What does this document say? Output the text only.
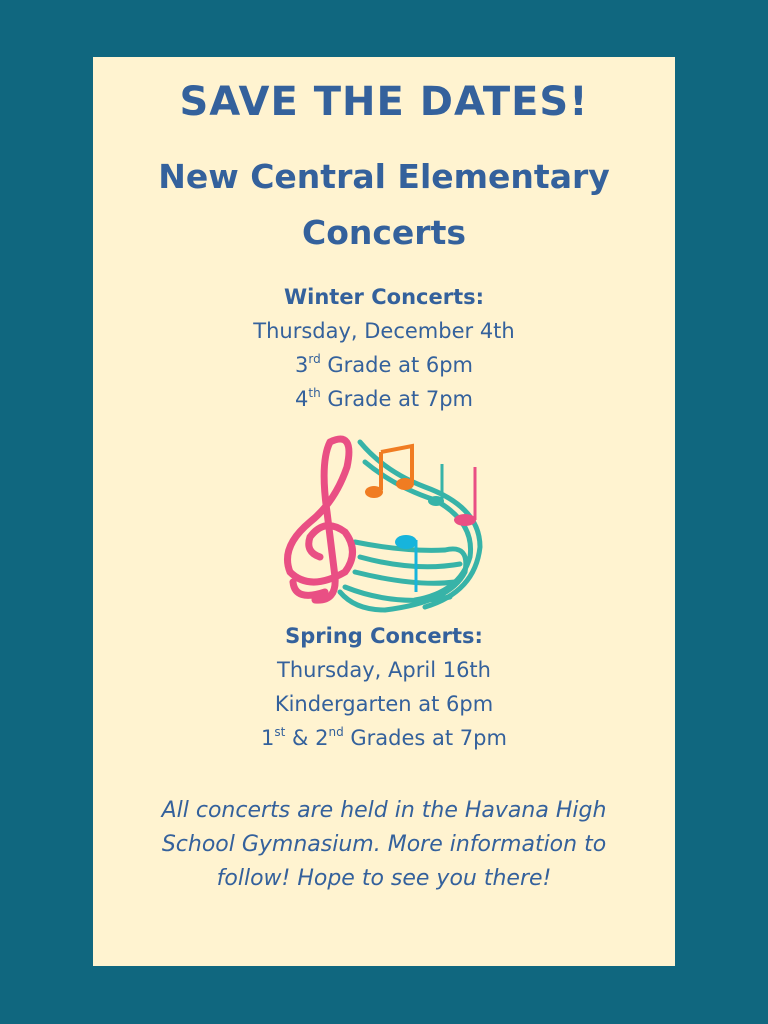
SAVE THE DATES!
New Central Elementary
Concerts
Winter Concerts:
Thursday, December 4th
3rd Grade at 6pm
4th Grade at 7pm
Spring Concerts:
Thursday, April 16th
Kindergarten at 6pm
1st & 2nd Grades at 7pm
All concerts are held in the Havana High School Gymnasium. More information to follow! Hope to see you there!
